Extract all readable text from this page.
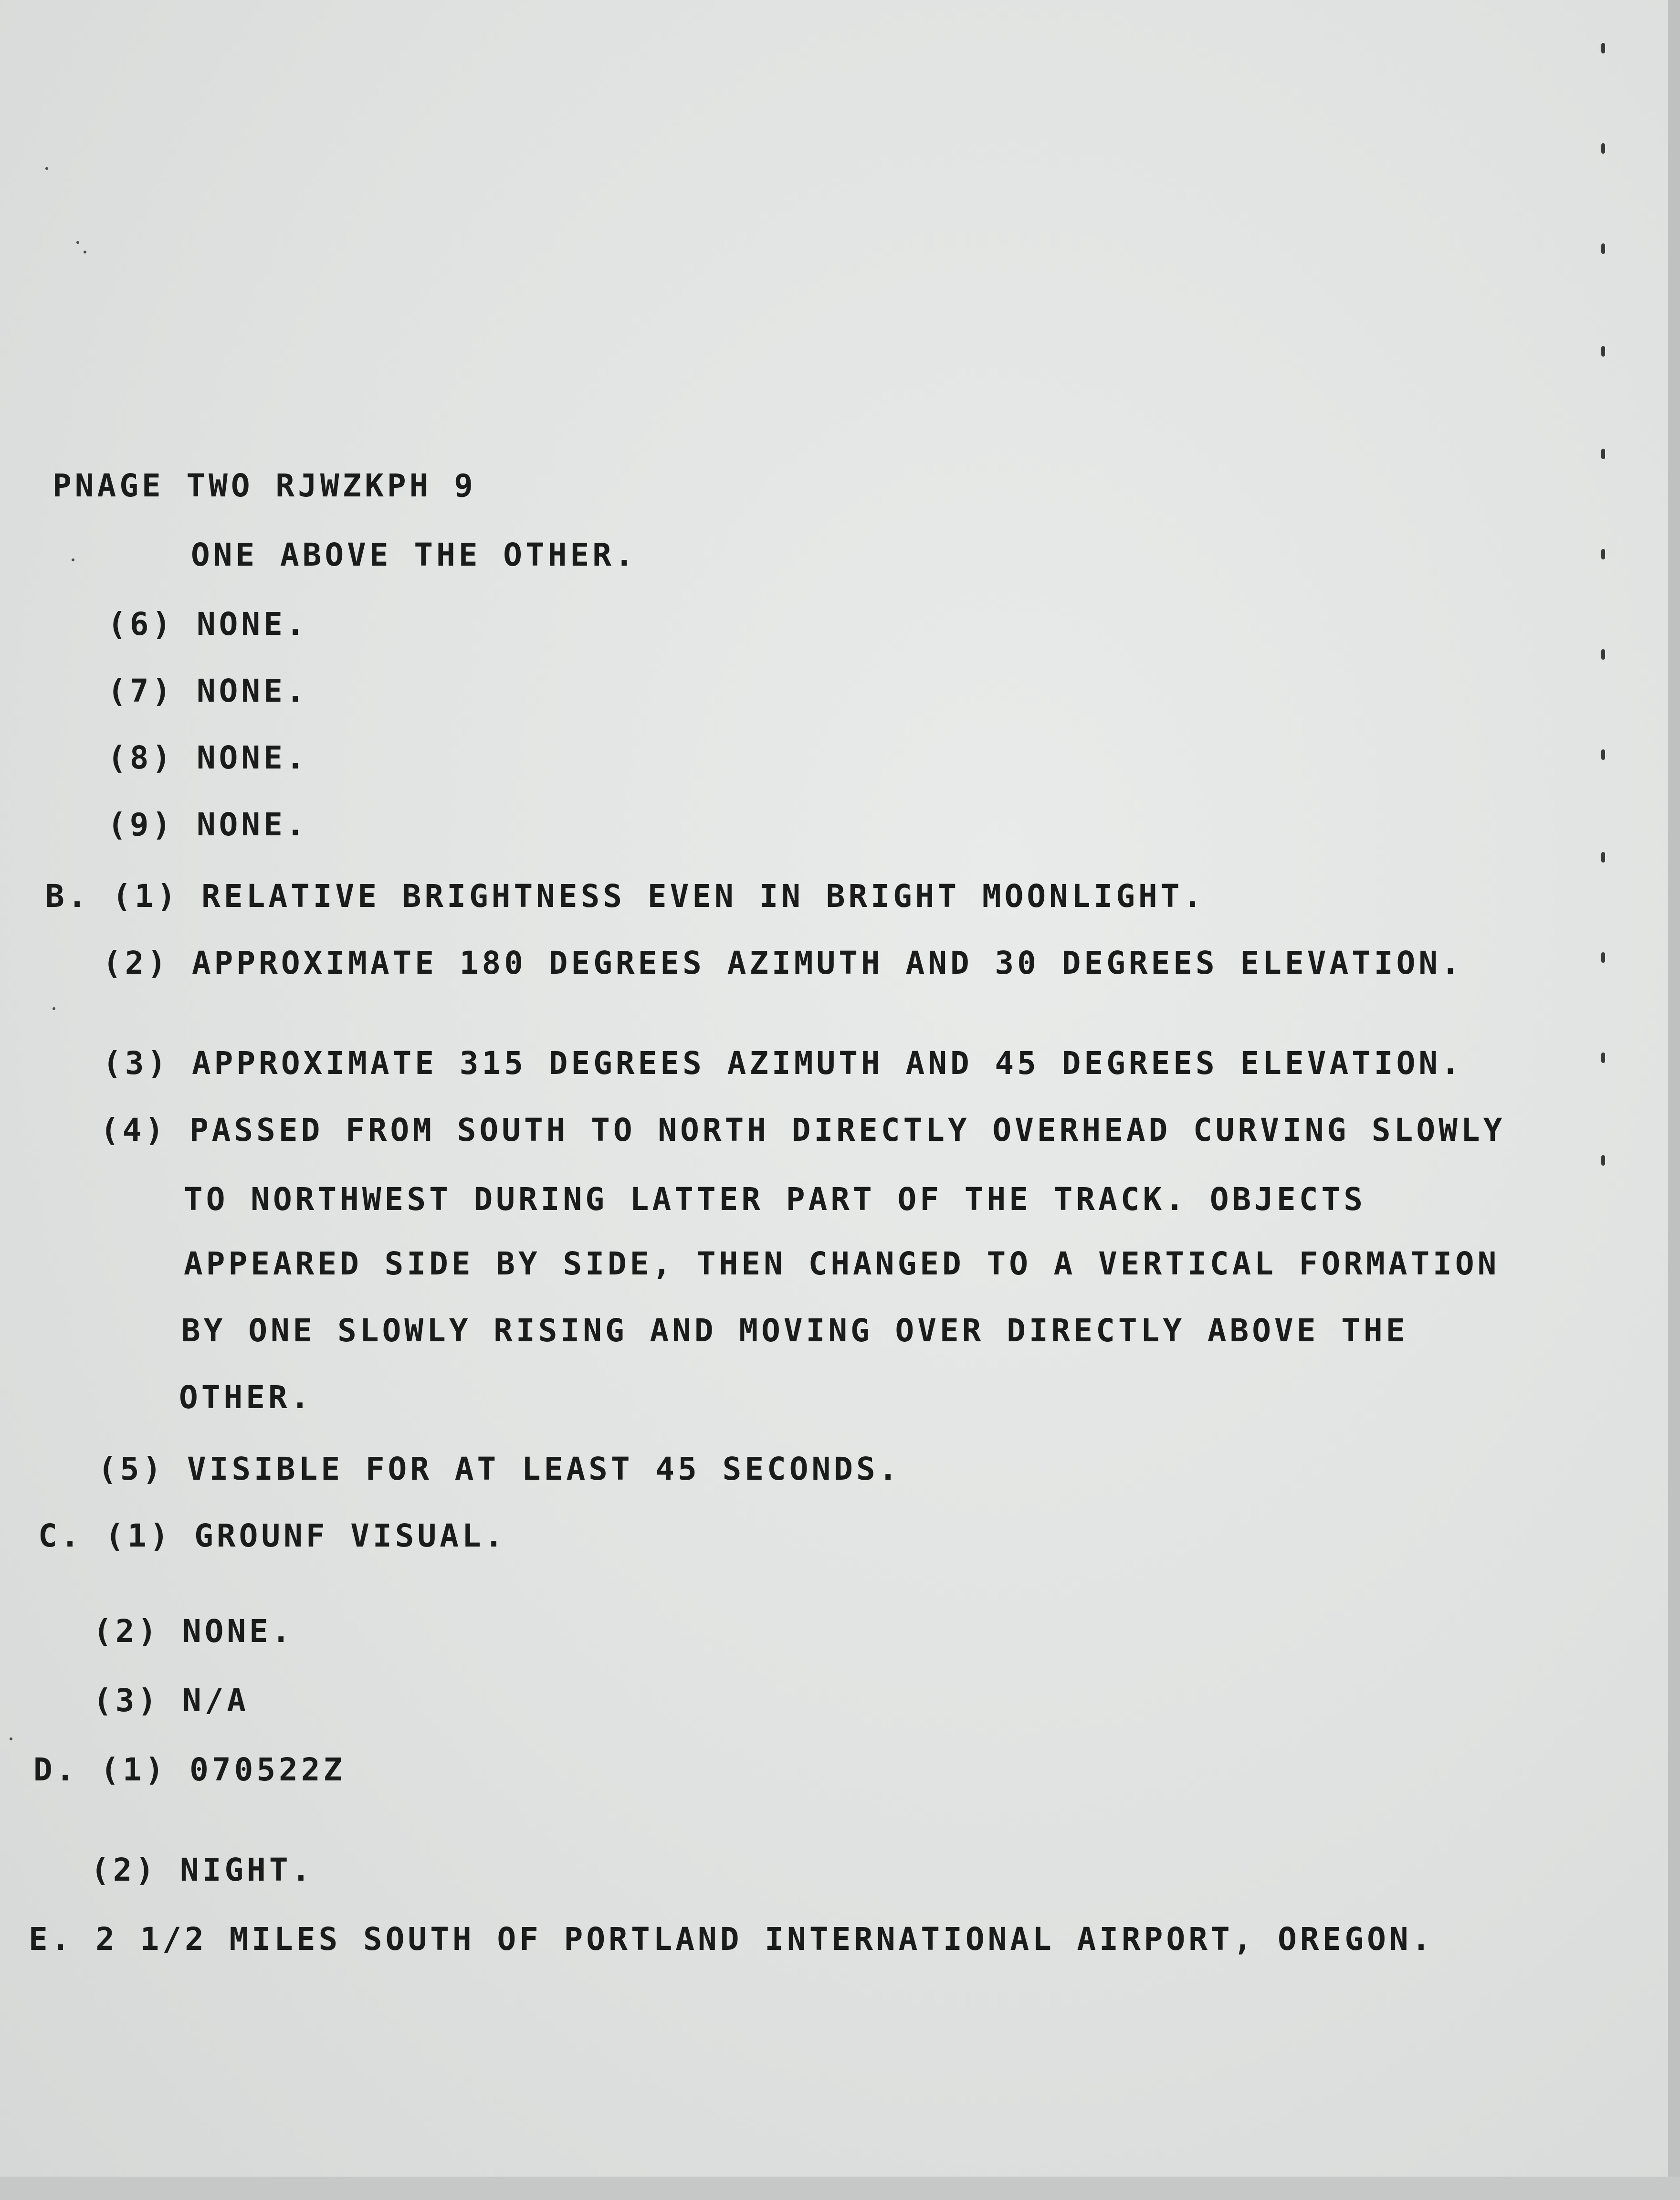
PNAGE TWO RJWZKPH 9
ONE ABOVE THE OTHER.
(6) NONE.
(7) NONE.
(8) NONE.
(9) NONE.
B. (1) RELATIVE BRIGHTNESS EVEN IN BRIGHT MOONLIGHT.
(2) APPROXIMATE 180 DEGREES AZIMUTH AND 30 DEGREES ELEVATION.
(3) APPROXIMATE 315 DEGREES AZIMUTH AND 45 DEGREES ELEVATION.
(4) PASSED FROM SOUTH TO NORTH DIRECTLY OVERHEAD CURVING SLOWLY
TO NORTHWEST DURING LATTER PART OF THE TRACK. OBJECTS
APPEARED SIDE BY SIDE, THEN CHANGED TO A VERTICAL FORMATION
BY ONE SLOWLY RISING AND MOVING OVER DIRECTLY ABOVE THE
OTHER.
(5) VISIBLE FOR AT LEAST 45 SECONDS.
C. (1) GROUNF VISUAL.
(2) NONE.
(3) N/A
D. (1) 070522Z
(2) NIGHT.
E. 2 1/2 MILES SOUTH OF PORTLAND INTERNATIONAL AIRPORT, OREGON.
